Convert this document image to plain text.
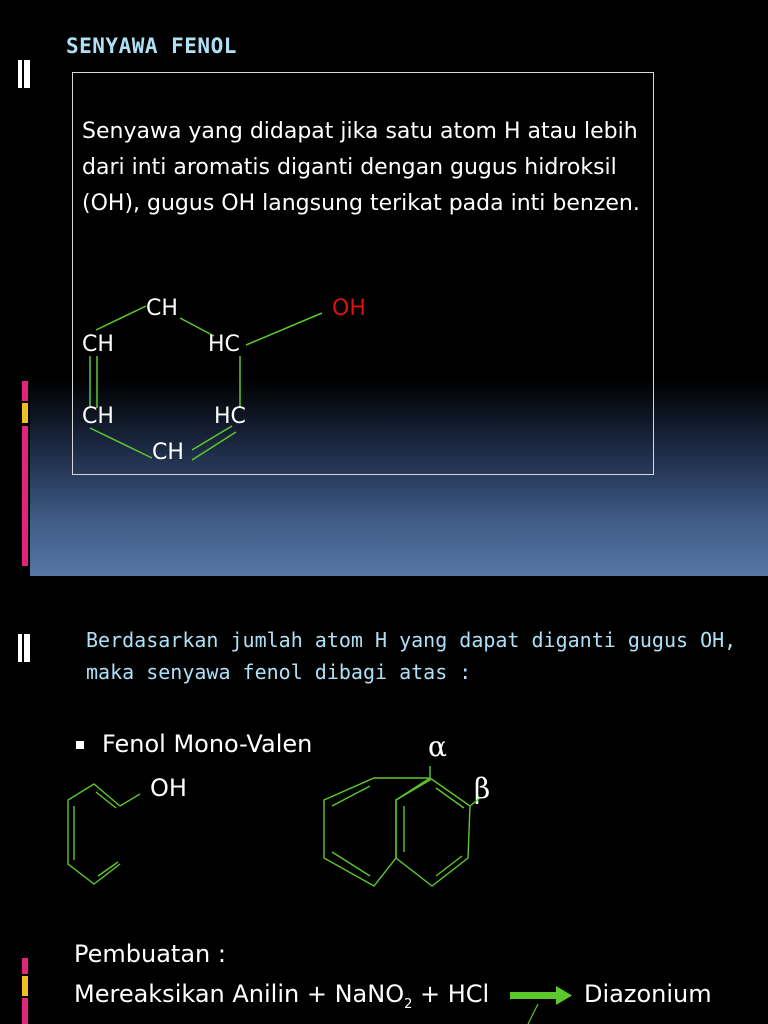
SENYAWA FENOL
Senyawa yang didapat jika satu atom H atau lebih dari inti aromatis diganti dengan gugus hidroksil (OH), gugus OH langsung terikat pada inti benzen.
CH	OH
CH	HC
CH	HC
CH
Berdasarkan jumlah atom H yang dapat diganti gugus OH, maka senyawa fenol dibagi atas :
Fenol Mono-Valen
OH
α
β
Pembuatan :
Mereaksikan Anilin + NaNO$_2$ + HCl	Diazonium
